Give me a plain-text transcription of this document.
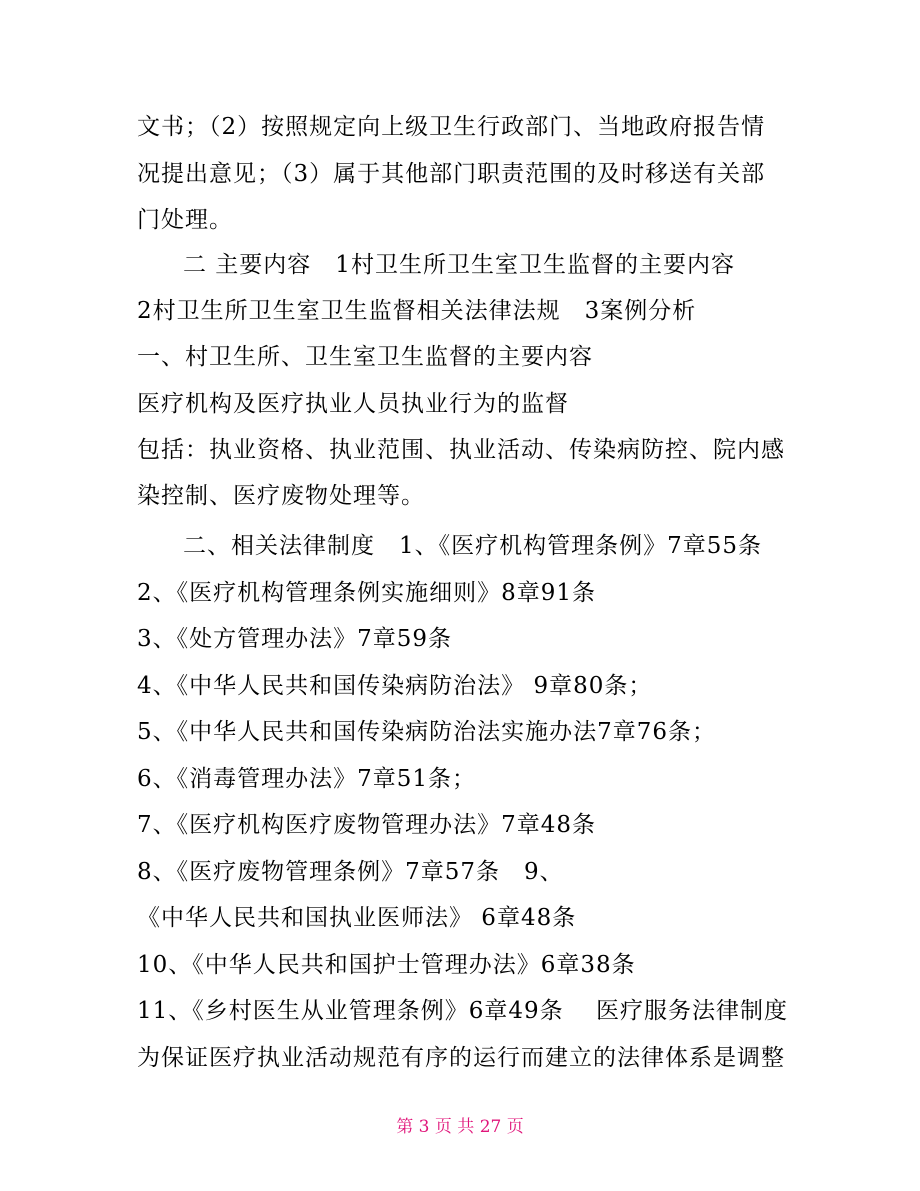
文书；（2）按照规定向上级卫生行政部门、当地政府报告情
况提出意见；（3）属于其他部门职责范围的及时移送有关部
门处理。
二 主要内容　1村卫生所卫生室卫生监督的主要内容
2村卫生所卫生室卫生监督相关法律法规　3案例分析
一、村卫生所、卫生室卫生监督的主要内容
医疗机构及医疗执业人员执业行为的监督
包括：执业资格、执业范围、执业活动、传染病防控、院内感
染控制、医疗废物处理等。
二、相关法律制度　1、《医疗机构管理条例》7章55条
2、《医疗机构管理条例实施细则》8章91条
3、《处方管理办法》7章59条
4、《中华人民共和国传染病防治法》 9章80条；
5、《中华人民共和国传染病防治法实施办法7章76条；
6、《消毒管理办法》7章51条；
7、《医疗机构医疗废物管理办法》7章48条
8、《医疗废物管理条例》7章57条　9、
《中华人民共和国执业医师法》 6章48条
10、《中华人民共和国护士管理办法》6章38条
11、《乡村医生从业管理条例》6章49条　 医疗服务法律制度
为保证医疗执业活动规范有序的运行而建立的法律体系是调整
第 3 页 共 27 页
